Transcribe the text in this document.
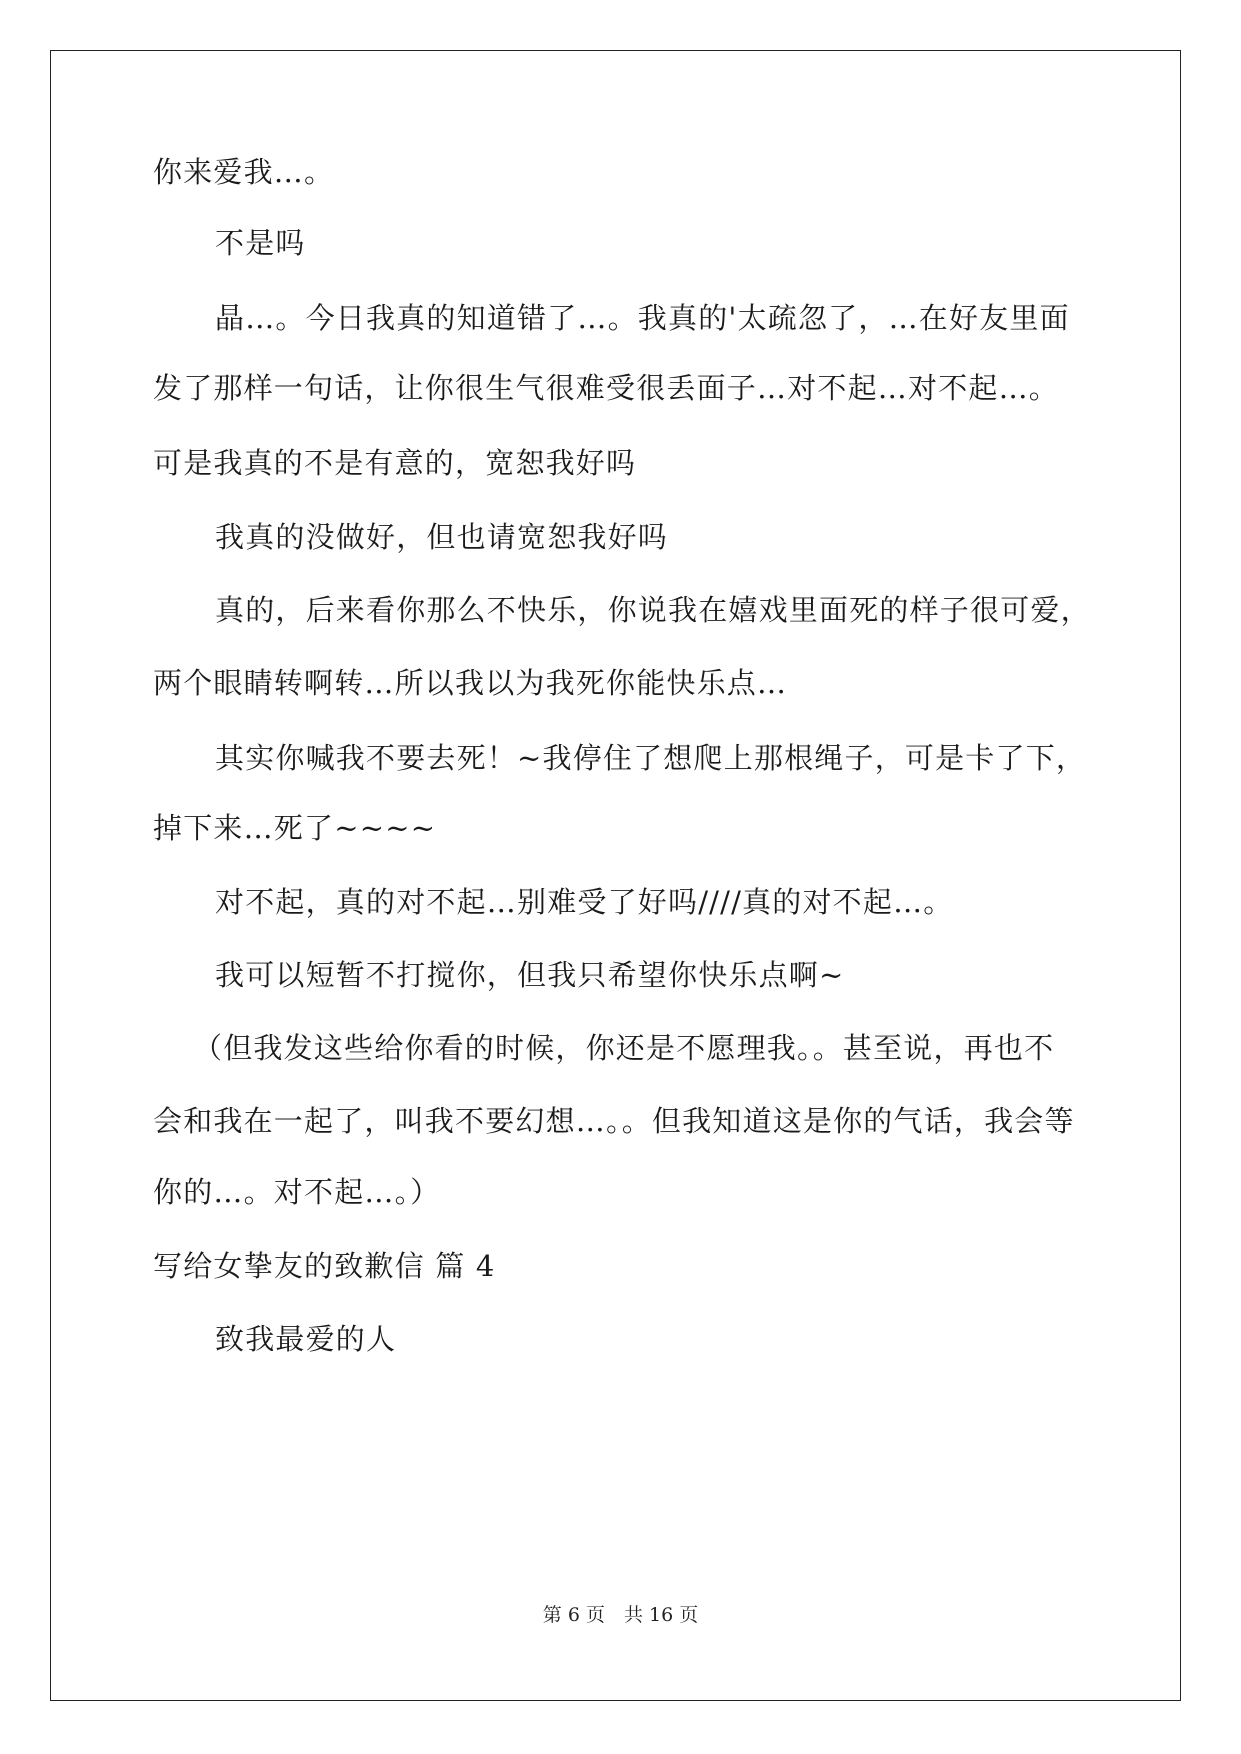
你来爱我…。
不是吗
晶…。今日我真的知道错了…。我真的'太疏忽了，…在好友里面
发了那样一句话，让你很生气很难受很丢面子…对不起…对不起…。
可是我真的不是有意的，宽恕我好吗
我真的没做好，但也请宽恕我好吗
真的，后来看你那么不快乐，你说我在嬉戏里面死的样子很可爱，
两个眼睛转啊转…所以我以为我死你能快乐点…
其实你喊我不要去死！~我停住了想爬上那根绳子，可是卡了下，
掉下来…死了~~~~
对不起，真的对不起…别难受了好吗////真的对不起…。
我可以短暂不打搅你，但我只希望你快乐点啊~
（但我发这些给你看的时候，你还是不愿理我。。甚至说，再也不
会和我在一起了，叫我不要幻想…。。但我知道这是你的气话，我会等
你的…。对不起…。）
写给女挚友的致歉信 篇 4
致我最爱的人
第 6 页　共 16 页
